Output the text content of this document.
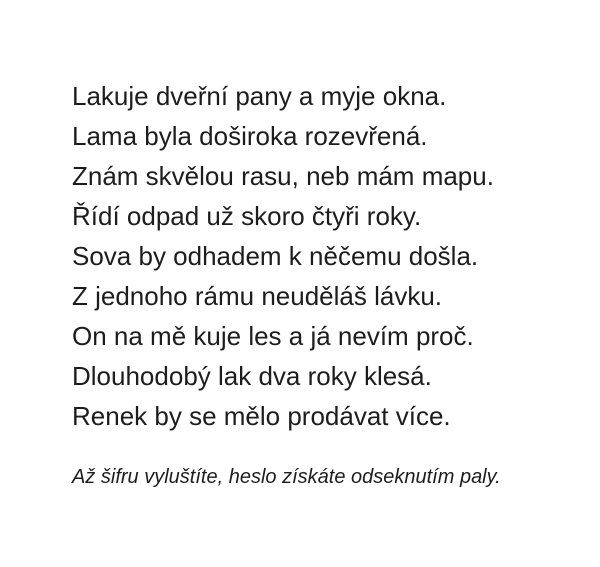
Lakuje dveřní pany a myje okna.
Lama byla doširoka rozevřená.
Znám skvělou rasu, neb mám mapu.
Řídí odpad už skoro čtyři roky.
Sova by odhadem k něčemu došla.
Z jednoho rámu neuděláš lávku.
On na mě kuje les a já nevím proč.
Dlouhodobý lak dva roky klesá.
Renek by se mělo prodávat více.
Až šifru vyluštíte, heslo získáte odseknutím paly.
